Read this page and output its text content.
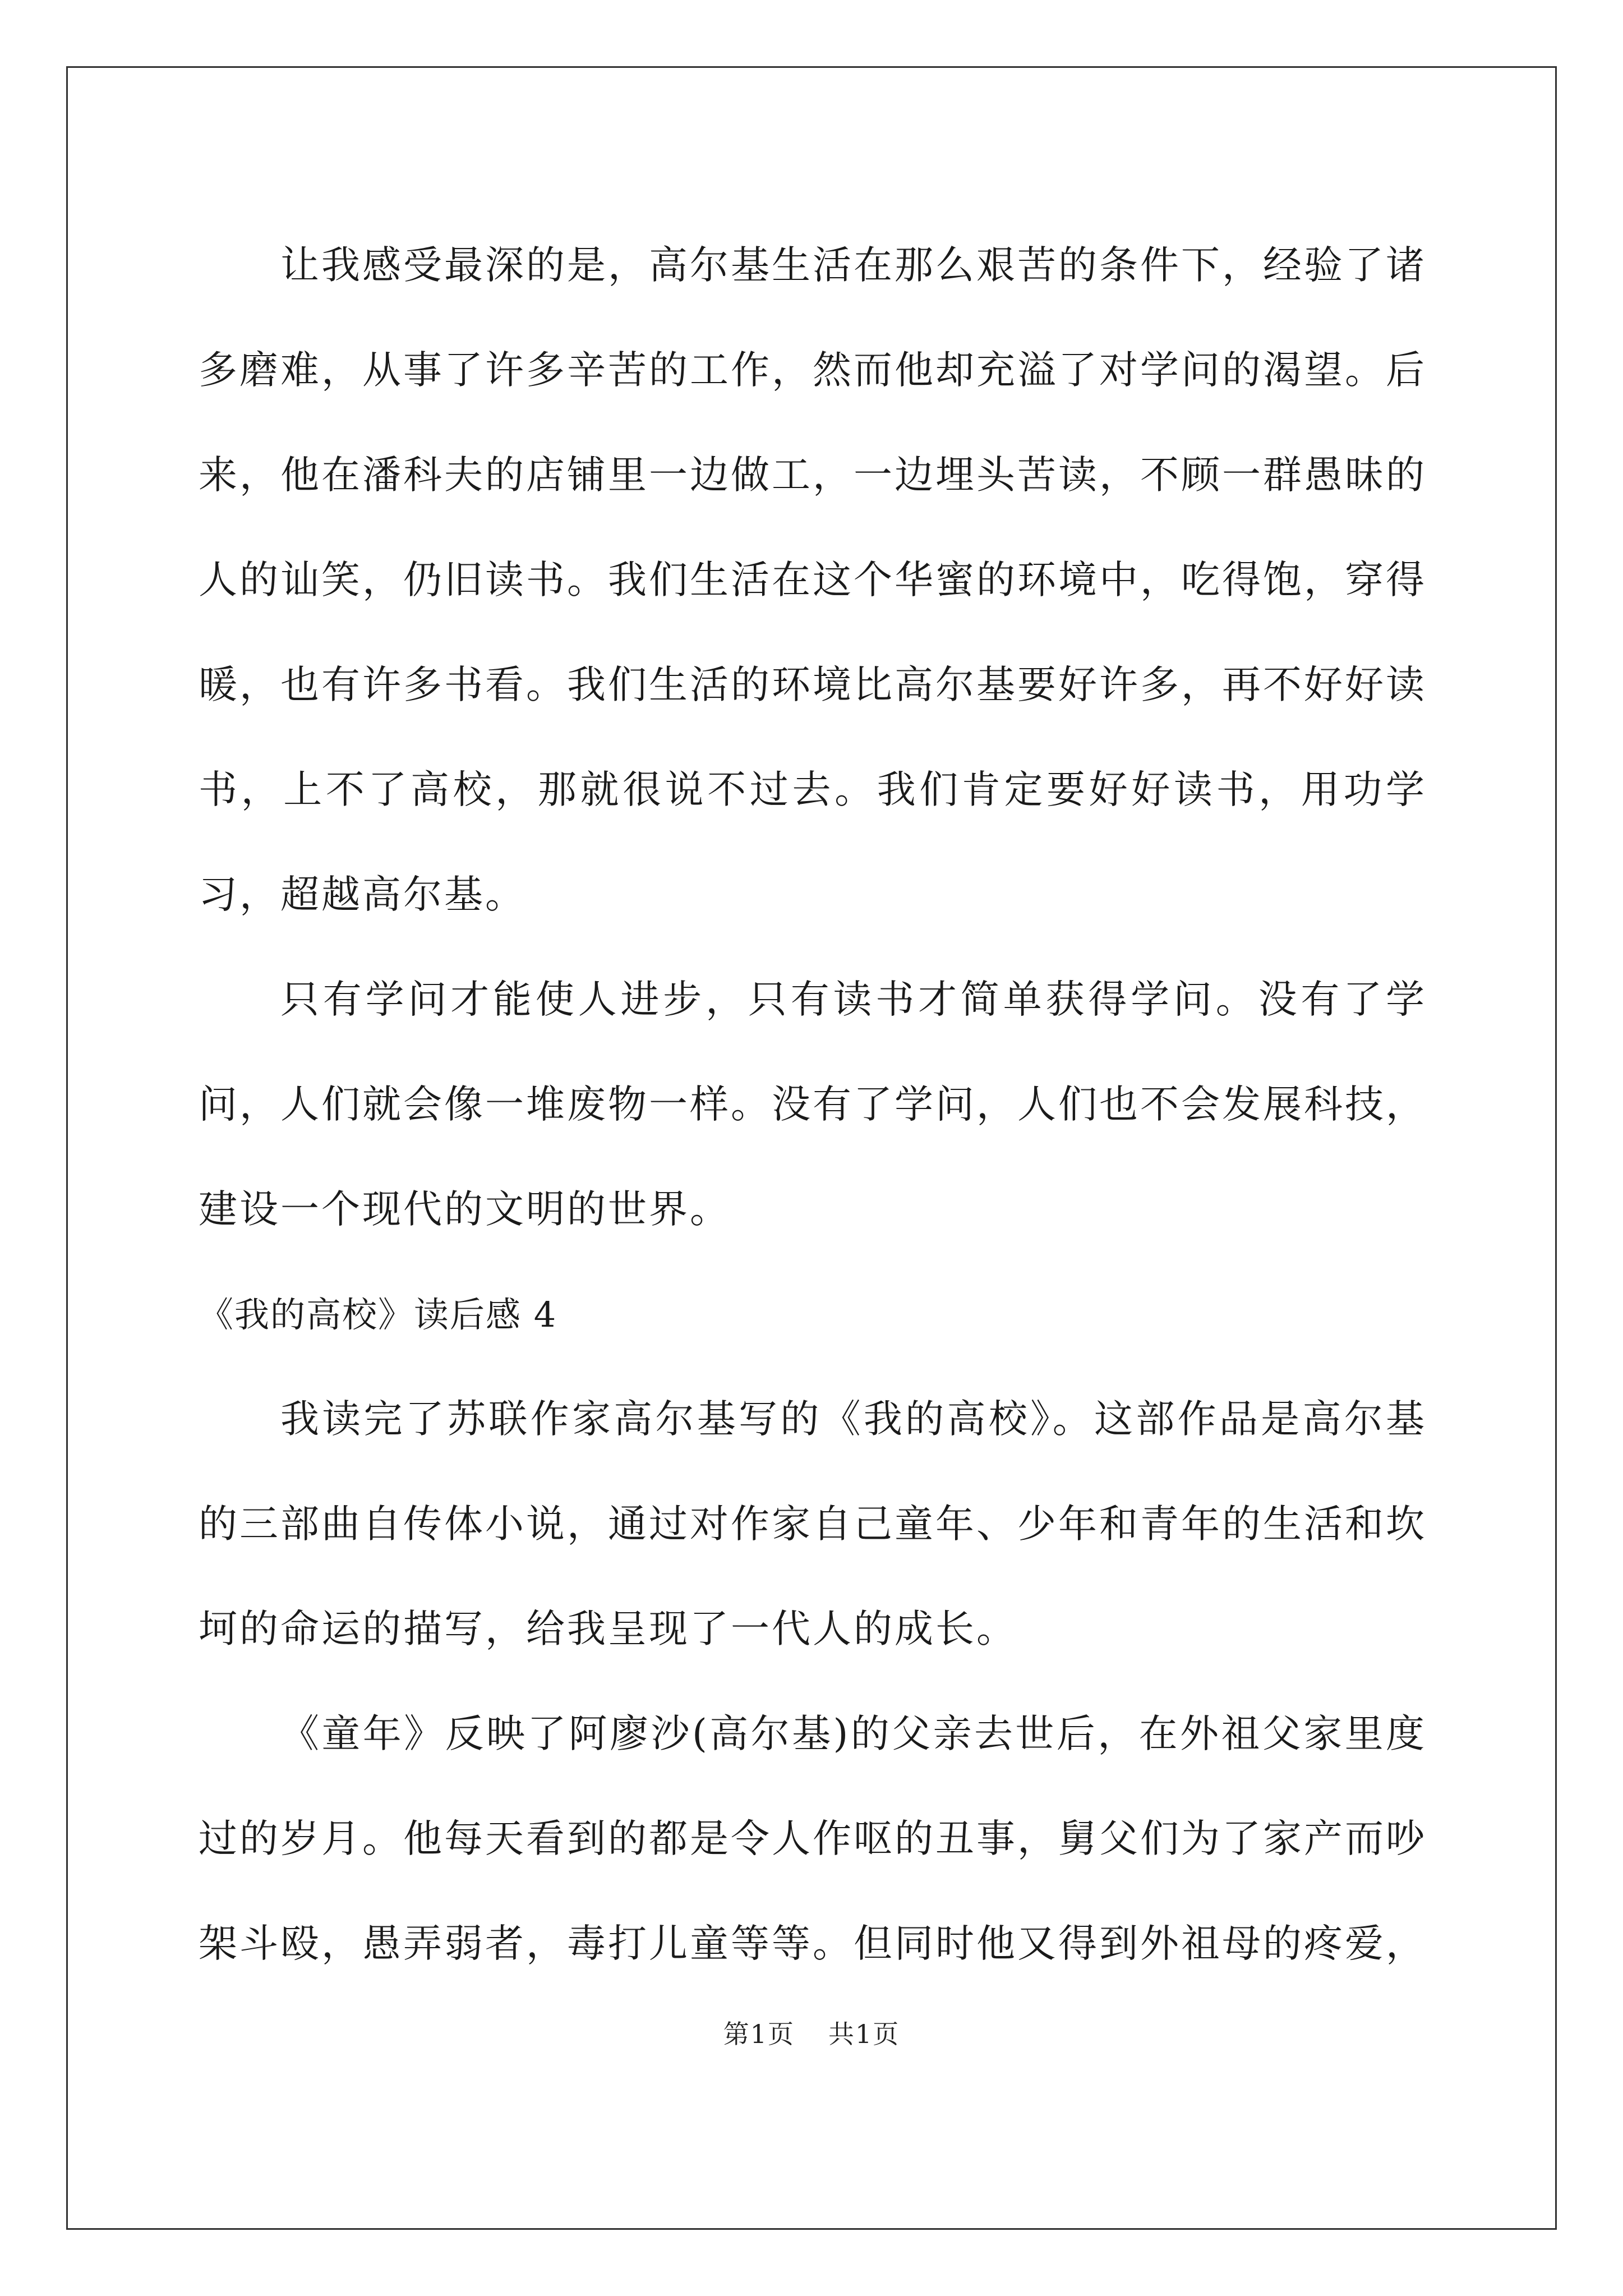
让我感受最深的是，高尔基生活在那么艰苦的条件下，经验了诸多磨难，从事了许多辛苦的工作，然而他却充溢了对学问的渴望。后来，他在潘科夫的店铺里一边做工，一边埋头苦读，不顾一群愚昧的人的讪笑，仍旧读书。我们生活在这个华蜜的环境中，吃得饱，穿得暖，也有许多书看。我们生活的环境比高尔基要好许多，再不好好读书，上不了高校，那就很说不过去。我们肯定要好好读书，用功学习，超越高尔基。

只有学问才能使人进步，只有读书才简单获得学问。没有了学问，人们就会像一堆废物一样。没有了学问，人们也不会发展科技，建设一个现代的文明的世界。

《我的高校》读后感 4

我读完了苏联作家高尔基写的《我的高校》。这部作品是高尔基的三部曲自传体小说，通过对作家自己童年、少年和青年的生活和坎坷的命运的描写，给我呈现了一代人的成长。

《童年》反映了阿廖沙(高尔基)的父亲去世后，在外祖父家里度过的岁月。他每天看到的都是令人作呕的丑事，舅父们为了家产而吵架斗殴，愚弄弱者，毒打儿童等等。但同时他又得到外祖母的疼爱，

第1页 共1页
